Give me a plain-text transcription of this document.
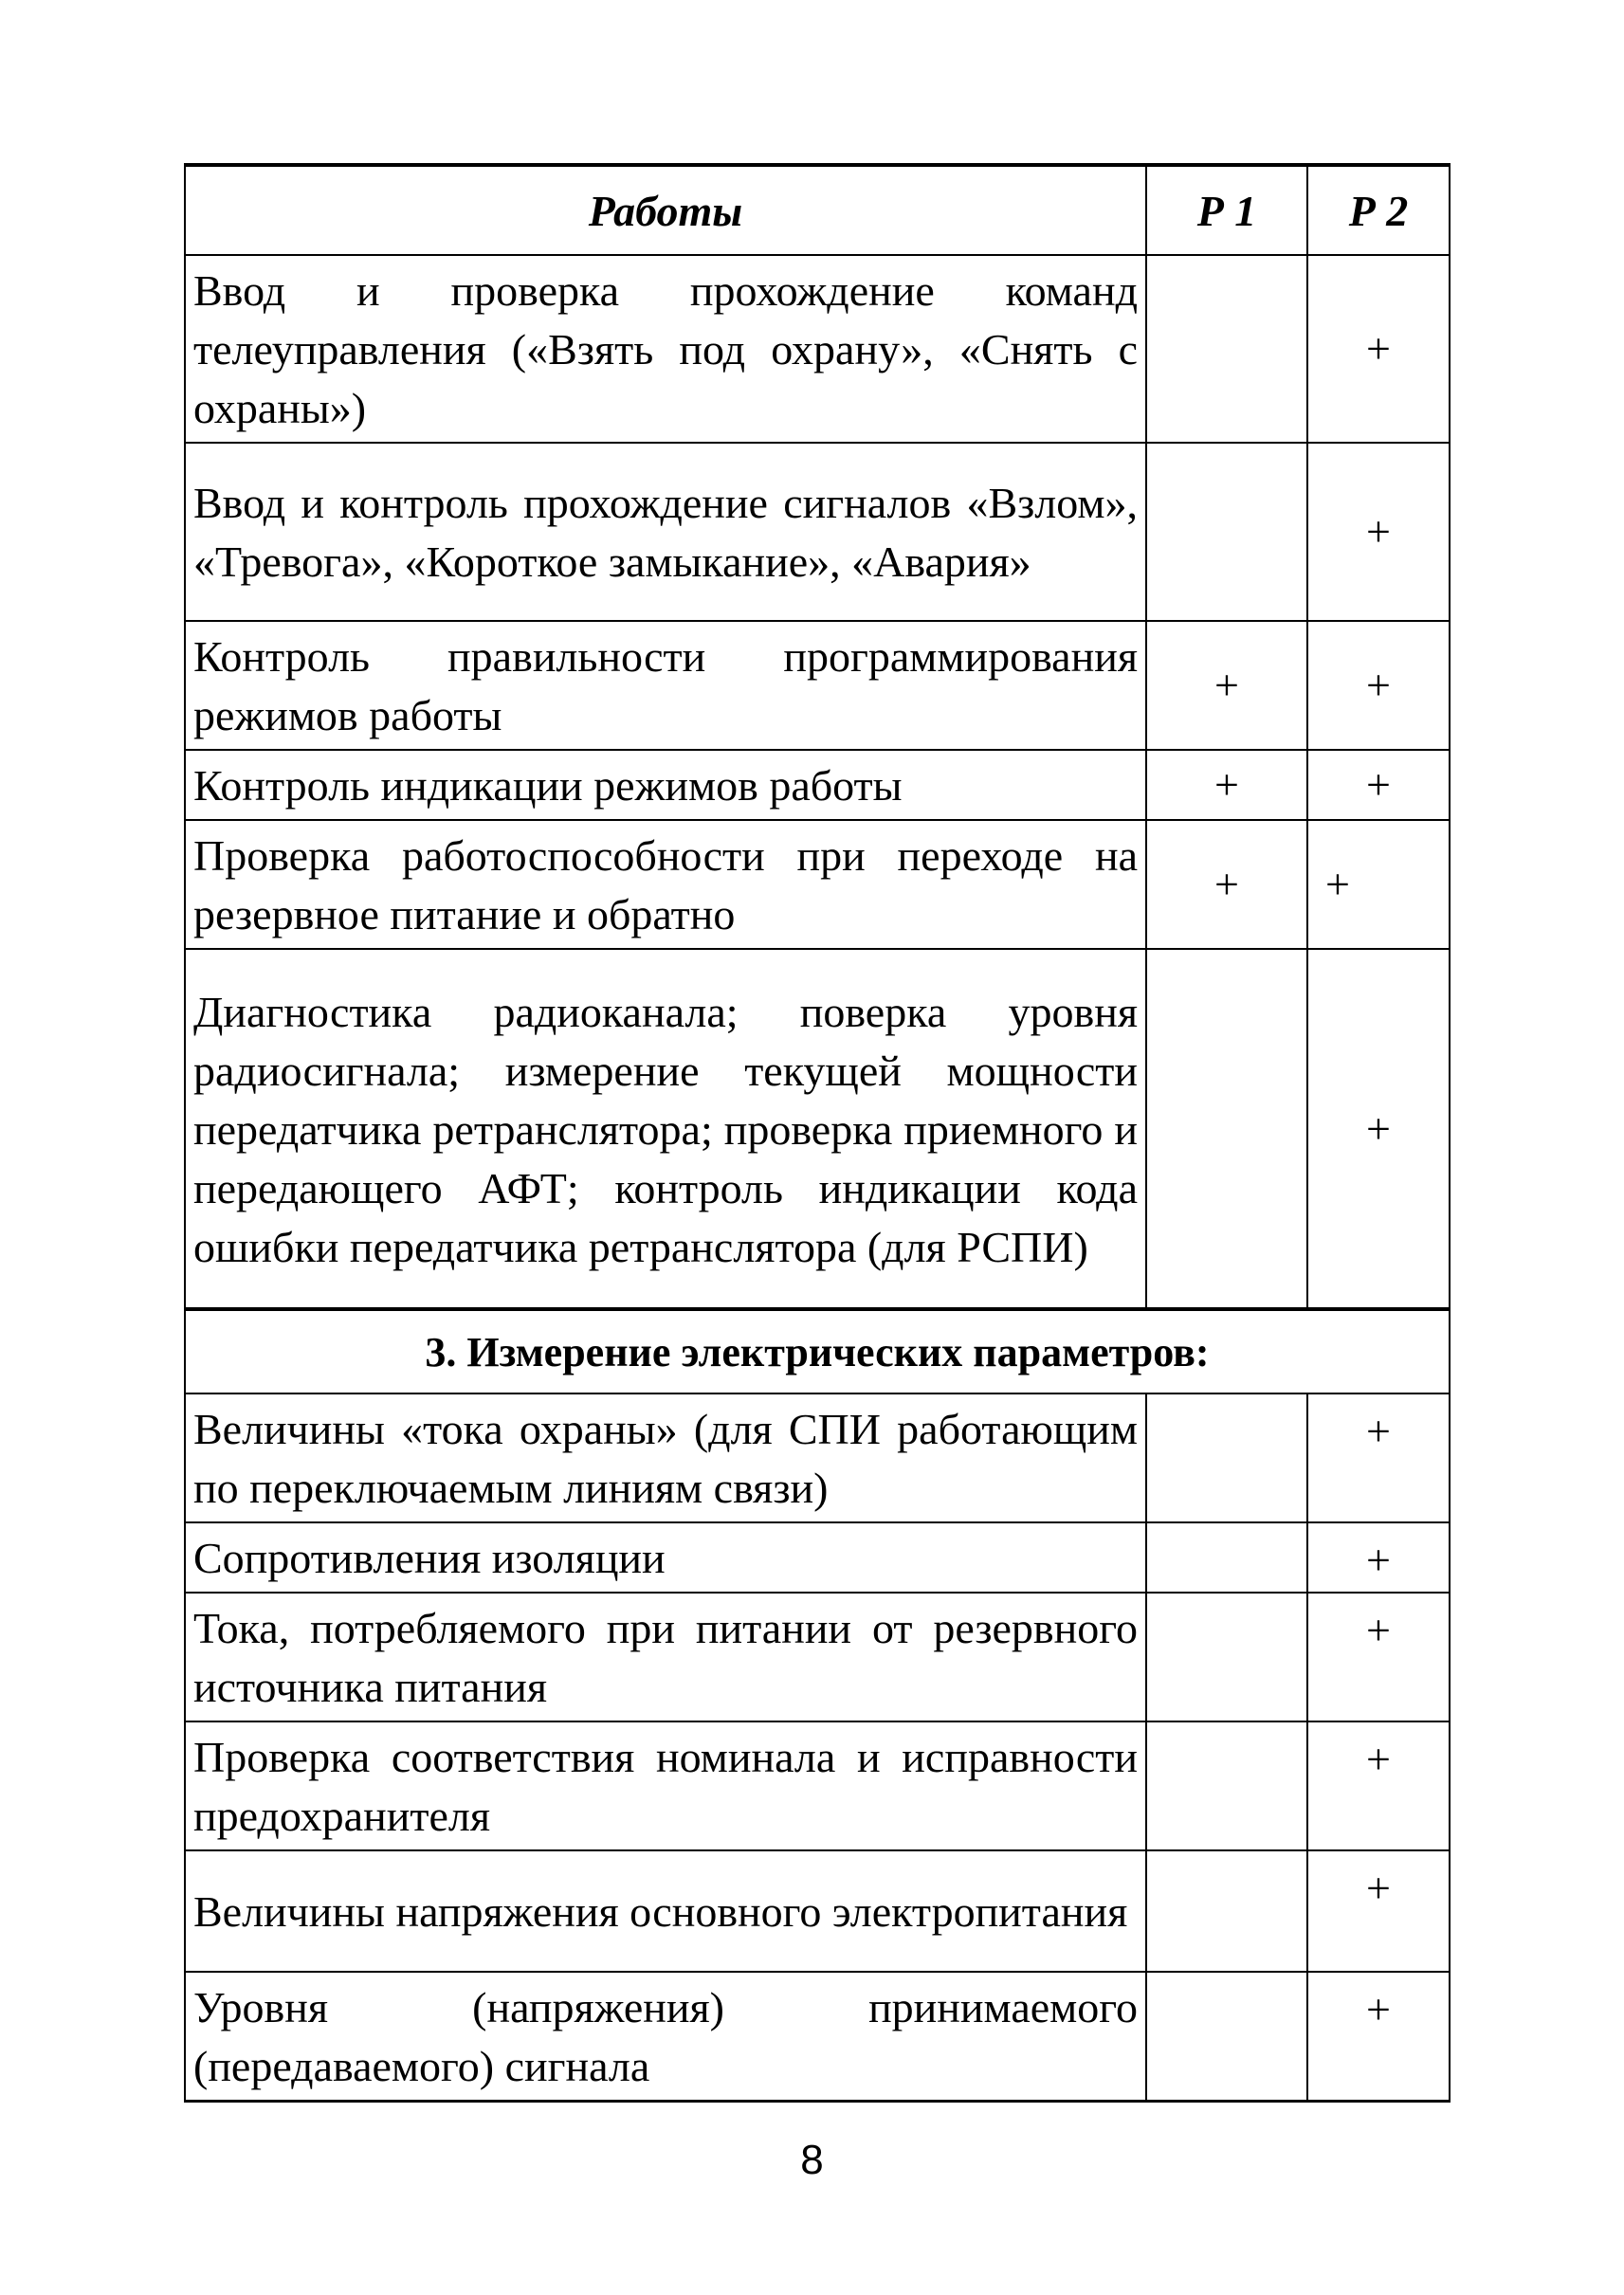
Работы	Р 1	Р 2
Ввод и проверка прохождение команд телеуправления («Взять под охрану», «Снять с охраны»)		+
Ввод и контроль прохождение сигналов «Взлом», «Тревога», «Короткое замыкание», «Авария»		+
Контроль правильности программирования режимов работы	+	+
Контроль индикации режимов работы	+	+
Проверка работоспособности при переходе на резервное питание и обратно	+	+
Диагностика радиоканала; поверка уровня радиосигнала; измерение текущей мощности передатчика ретранслятора; проверка приемного и передающего АФТ; контроль индикации кода ошибки передатчика ретранслятора (для РСПИ)		+
3. Измерение электрических параметров:		
Величины «тока охраны» (для СПИ работающим по переключаемым линиям связи)		+
Сопротивления изоляции		+
Тока, потребляемого при питании от резервного источника питания		+
Проверка соответствия номинала и исправности предохранителя		+
Величины напряжения основного электропитания		+
Уровня (напряжения) принимаемого (передаваемого) сигнала		+
8
